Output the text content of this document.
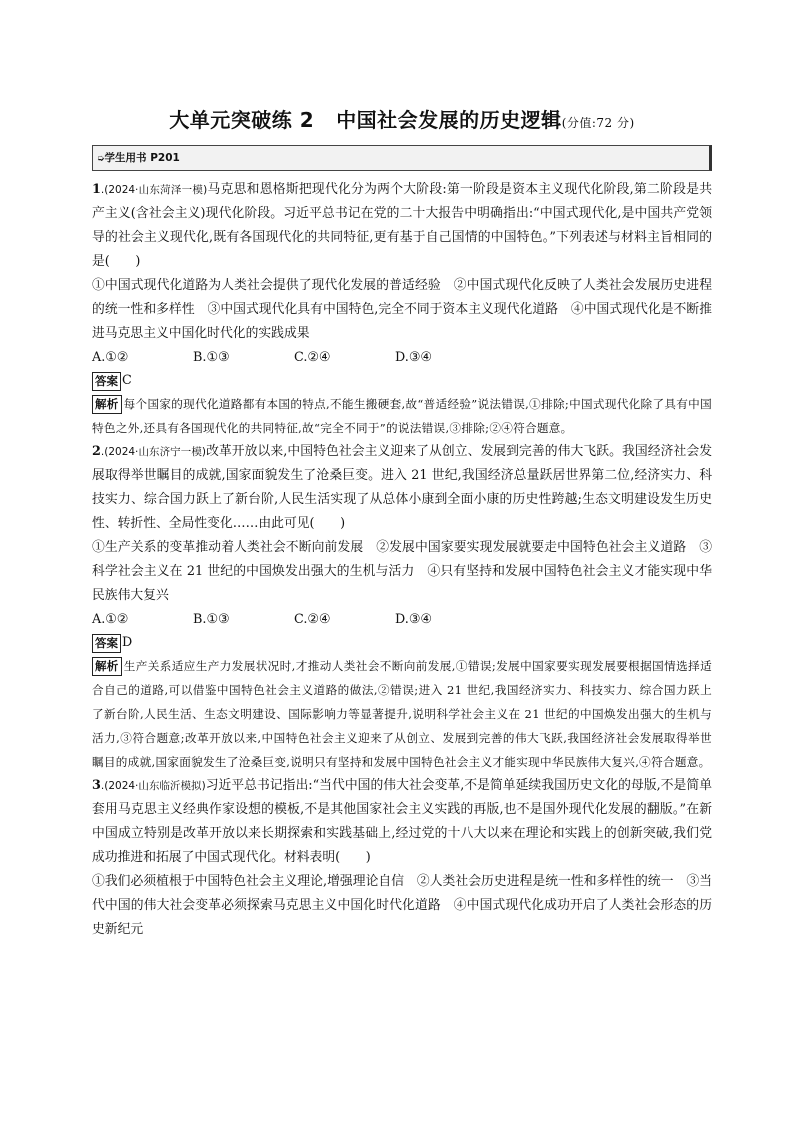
大单元突破练 2 中国社会发展的历史逻辑(分值:72 分)
➭学生用书 P201

1.(2024·山东菏泽一模)马克思和恩格斯把现代化分为两个大阶段:第一阶段是资本主义现代化阶段,第二阶段是共产主义(含社会主义)现代化阶段。习近平总书记在党的二十大报告中明确指出:“中国式现代化,是中国共产党领导的社会主义现代化,既有各国现代化的共同特征,更有基于自己国情的中国特色。”下列表述与材料主旨相同的是(　　)

①中国式现代化道路为人类社会提供了现代化发展的普适经验　②中国式现代化反映了人类社会发展历史进程的统一性和多样性　③中国式现代化具有中国特色,完全不同于资本主义现代化道路　④中国式现代化是不断推进马克思主义中国化时代化的实践成果

A.①②	B.①③	C.②④	D.③④
答案 C
解析 每个国家的现代化道路都有本国的特点,不能生搬硬套,故“普适经验”说法错误,①排除;中国式现代化除了具有中国特色之外,还具有各国现代化的共同特征,故“完全不同于”的说法错误,③排除;②④符合题意。

2.(2024·山东济宁一模)改革开放以来,中国特色社会主义迎来了从创立、发展到完善的伟大飞跃。我国经济社会发展取得举世瞩目的成就,国家面貌发生了沧桑巨变。进入 21 世纪,我国经济总量跃居世界第二位,经济实力、科技实力、综合国力跃上了新台阶,人民生活实现了从总体小康到全面小康的历史性跨越;生态文明建设发生历史性、转折性、全局性变化……由此可见(　　)

①生产关系的变革推动着人类社会不断向前发展　②发展中国家要实现发展就要走中国特色社会主义道路　③科学社会主义在 21 世纪的中国焕发出强大的生机与活力　④只有坚持和发展中国特色社会主义才能实现中华民族伟大复兴

A.①②	B.①③	C.②④	D.③④
答案 D
解析 生产关系适应生产力发展状况时,才推动人类社会不断向前发展,①错误;发展中国家要实现发展要根据国情选择适合自己的道路,可以借鉴中国特色社会主义道路的做法,②错误;进入 21 世纪,我国经济实力、科技实力、综合国力跃上了新台阶,人民生活、生态文明建设、国际影响力等显著提升,说明科学社会主义在 21 世纪的中国焕发出强大的生机与活力,③符合题意;改革开放以来,中国特色社会主义迎来了从创立、发展到完善的伟大飞跃,我国经济社会发展取得举世瞩目的成就,国家面貌发生了沧桑巨变,说明只有坚持和发展中国特色社会主义才能实现中华民族伟大复兴,④符合题意。

3.(2024·山东临沂模拟)习近平总书记指出:“当代中国的伟大社会变革,不是简单延续我国历史文化的母版,不是简单套用马克思主义经典作家设想的模板,不是其他国家社会主义实践的再版,也不是国外现代化发展的翻版。”在新中国成立特别是改革开放以来长期探索和实践基础上,经过党的十八大以来在理论和实践上的创新突破,我们党成功推进和拓展了中国式现代化。材料表明(　　)

①我们必须植根于中国特色社会主义理论,增强理论自信　②人类社会历史进程是统一性和多样性的统一　③当代中国的伟大社会变革必须探索马克思主义中国化时代化道路　④中国式现代化成功开启了人类社会形态的历史新纪元
